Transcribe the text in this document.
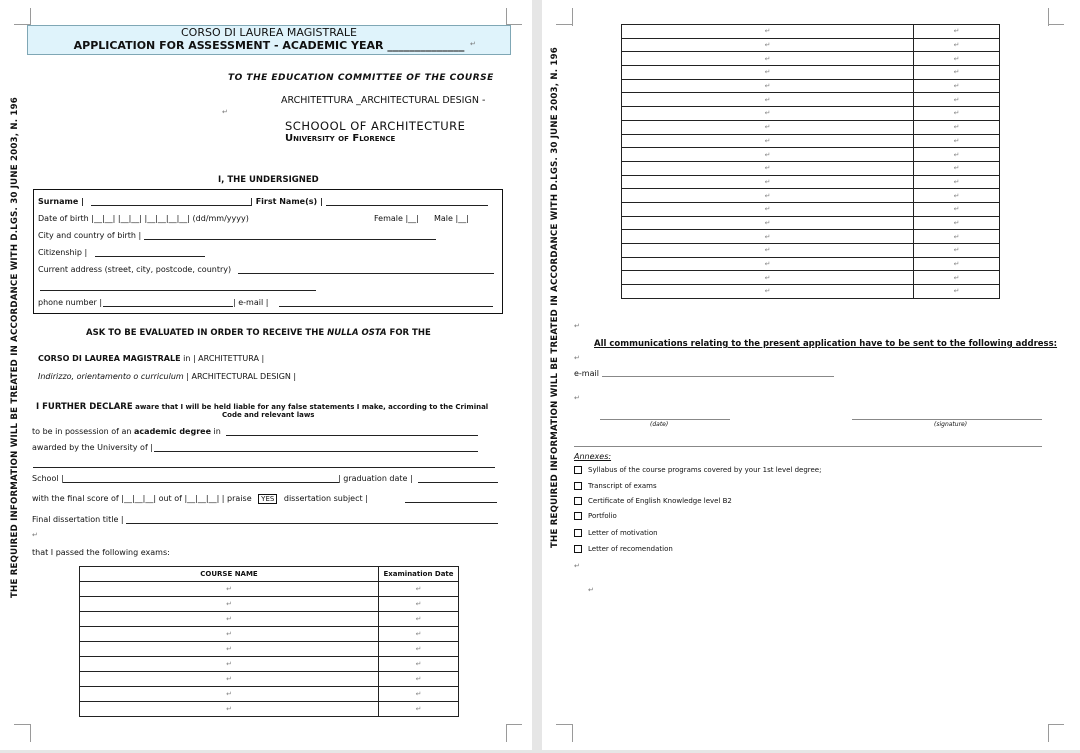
THE REQUIRED INFORMATION WILL BE TREATED IN ACCORDANCE WITH D.LGS. 30 JUNE 2003, N. 196
CORSO DI LAUREA MAGISTRALE
APPLICATION FOR ASSESSMENT - ACADEMIC YEAR ______________ ↵
TO THE EDUCATION COMMITTEE OF THE COURSE
ARCHITETTURA _ARCHITECTURAL DESIGN -
↵
SCHOOOL OF ARCHITECTURE
University of Florence
I, THE UNDERSIGNED
Surname |	| First Name(s) |
Date of birth |__|__| |__|__| |__|__|__|__| (dd/mm/yyyy)	Female |__| Male |__|
City and country of birth |
Citizenship |
Current address (street, city, postcode, country)
phone number |	| e-mail |
ASK TO BE EVALUATED IN ORDER TO RECEIVE THE NULLA OSTA FOR THE
CORSO DI LAUREA MAGISTRALE in | ARCHITETTURA |
Indirizzo, orientamento o curriculum | ARCHITECTURAL DESIGN |
I FURTHER DECLARE aware that I will be held liable for any false statements I make, according to the Criminal
Code and relevant laws
to be in possession of an academic degree in
awarded by the University of |
School |	| graduation date |
with the final score of |__|__|__| out of |__|__|__| | praise YES dissertation subject |
Final dissertation title |
↵
that I passed the following exams:
COURSE NAME	Examination Date
↵	↵
↵	↵
↵	↵
↵	↵
↵	↵
↵	↵
↵	↵
↵	↵
↵	↵
THE REQUIRED INFORMATION WILL BE TREATED IN ACCORDANCE WITH D.LGS. 30 JUNE 2003, N. 196
↵	↵
↵	↵
↵	↵
↵	↵
↵	↵
↵	↵
↵	↵
↵	↵
↵	↵
↵	↵
↵	↵
↵	↵
↵	↵
↵	↵
↵	↵
↵	↵
↵	↵
↵	↵
↵	↵
↵	↵
↵
All communications relating to the present application have to be sent to the following address:
↵
e-mail
↵
(date)	(signature)
Annexes:
Syllabus of the course programs covered by your 1st level degree;
Transcript of exams
Certificate of English Knowledge level B2
Portfolio
Letter of motivation
Letter of recomendation
↵
↵
